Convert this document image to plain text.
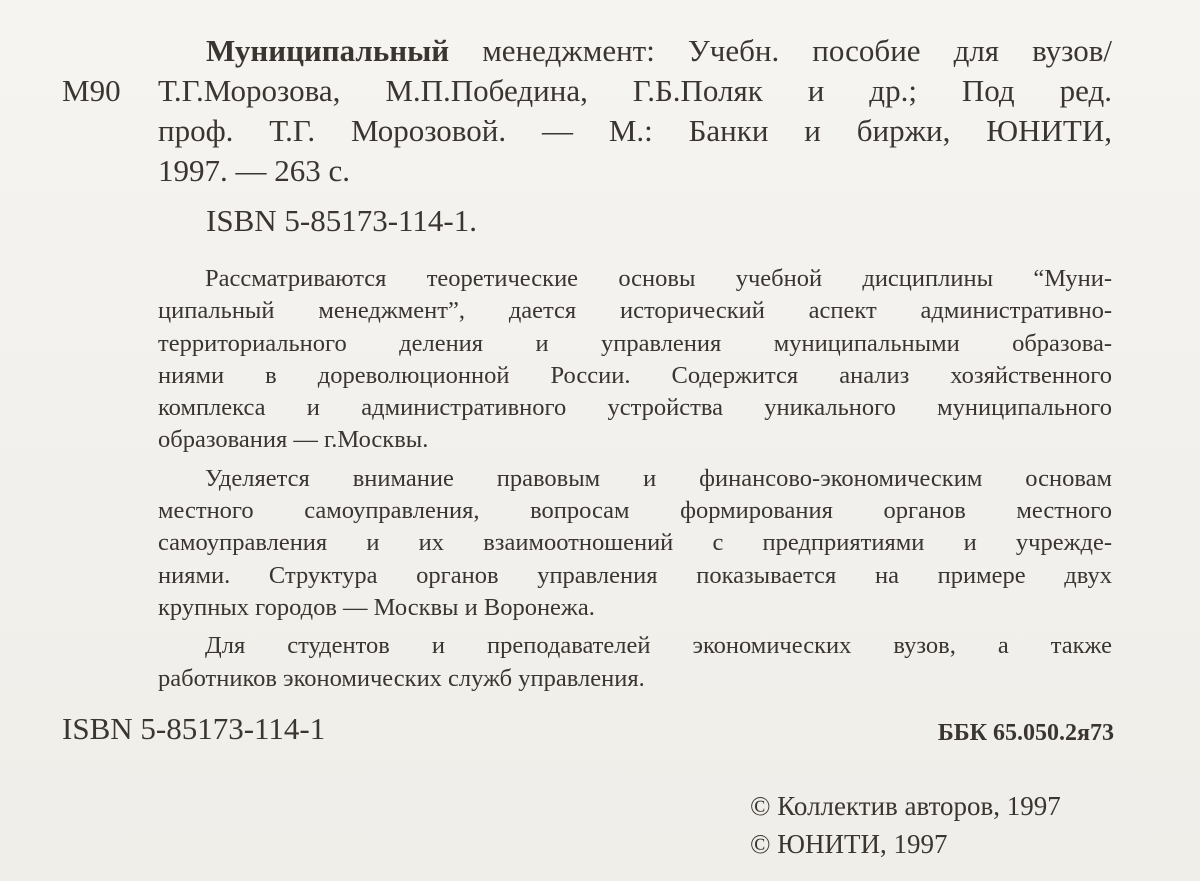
М90
Муниципальный менеджмент: Учебн. пособие для вузов/
Т.Г.Морозова, М.П.Победина, Г.Б.Поляк и др.; Под ред.
проф. Т.Г. Морозовой. — М.: Банки и биржи, ЮНИТИ,
1997. — 263 с.
ISBN 5-85173-114-1.
Рассматриваются теоретические основы учебной дисциплины “Муни-
ципальный менеджмент”, дается исторический аспект административно-
территориального деления и управления муниципальными образова-
ниями в дореволюционной России. Содержится анализ хозяйственного
комплекса и административного устройства уникального муниципального
образования — г.Москвы.
Уделяется внимание правовым и финансово-экономическим основам
местного самоуправления, вопросам формирования органов местного
самоуправления и их взаимоотношений с предприятиями и учрежде-
ниями. Структура органов управления показывается на примере двух
крупных городов — Москвы и Воронежа.
Для студентов и преподавателей экономических вузов, а также
работников экономических служб управления.
ISBN 5-85173-114-1	ББК 65.050.2я73
© Коллектив авторов, 1997
© ЮНИТИ, 1997
